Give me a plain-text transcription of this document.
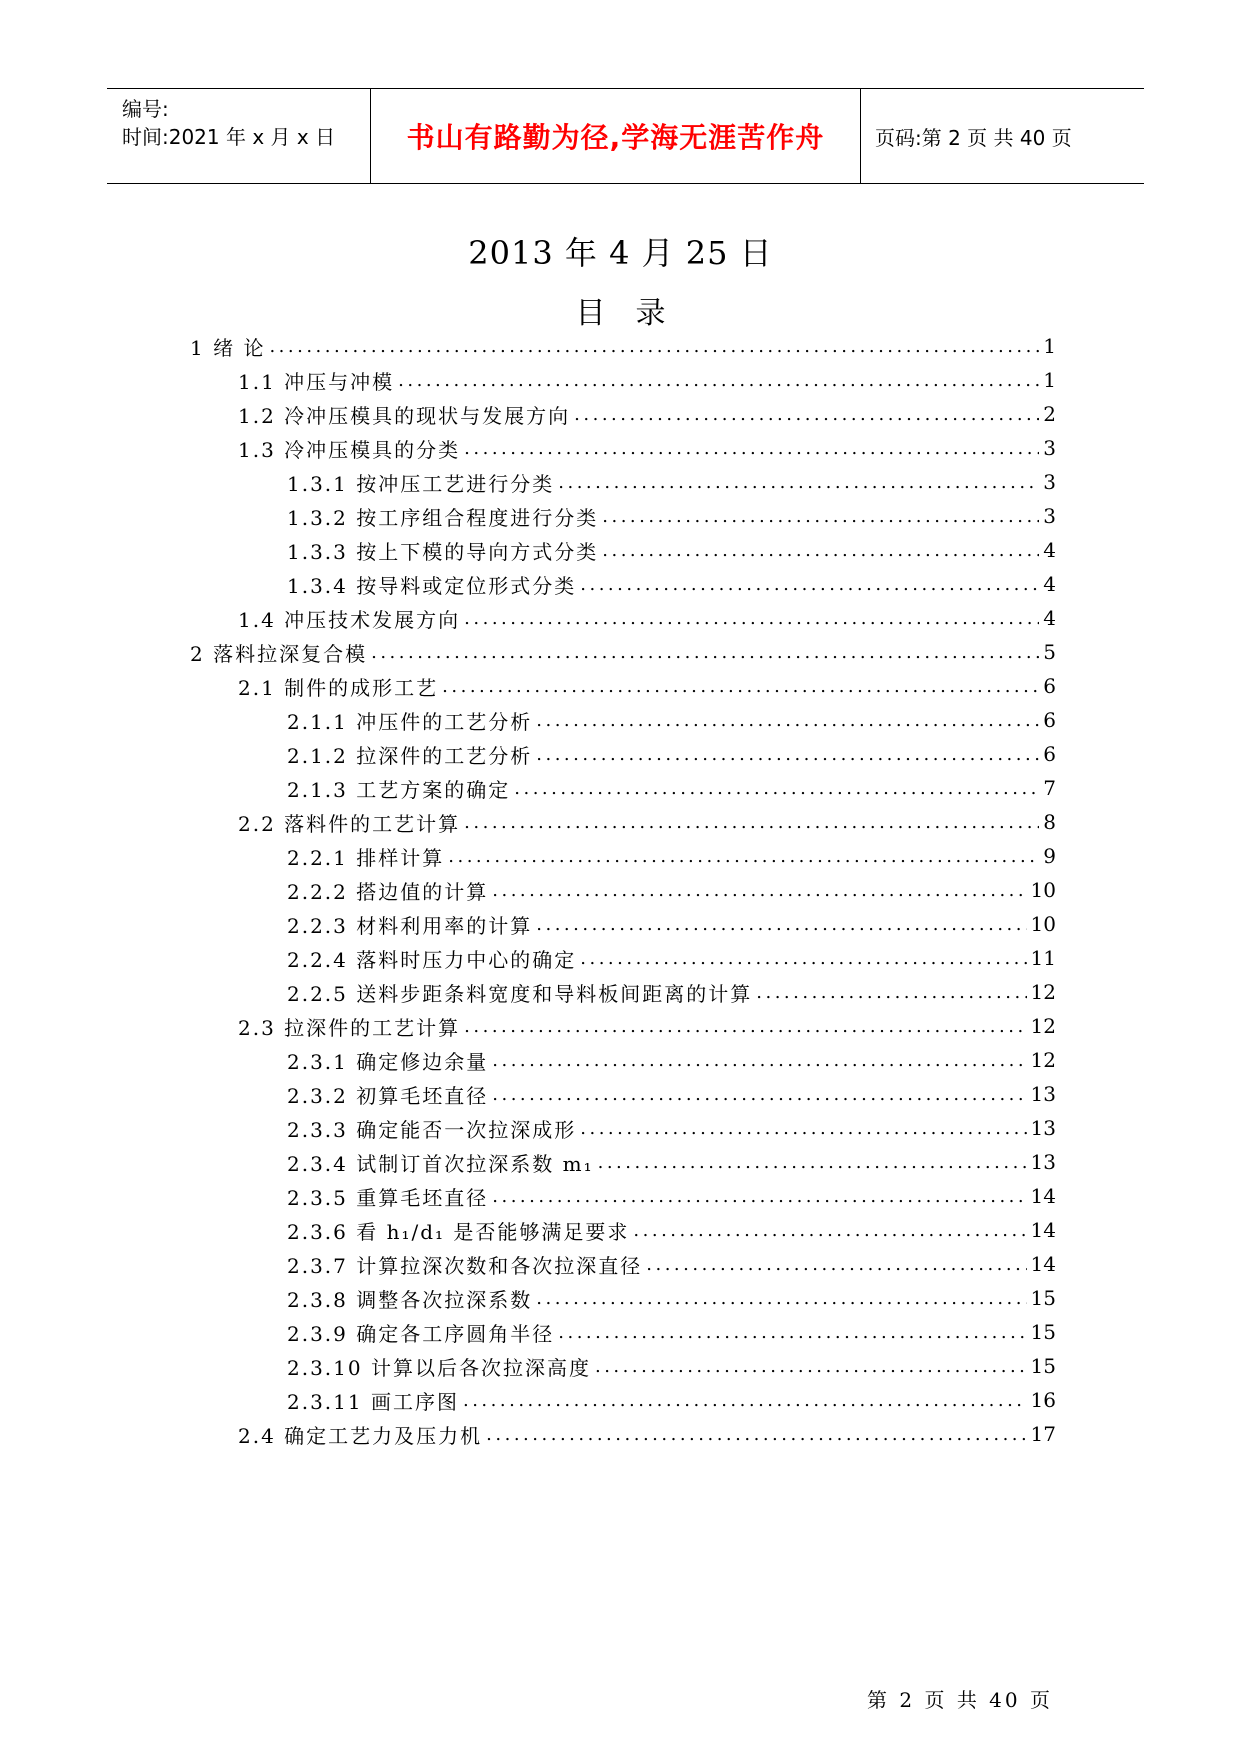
编号:
时间:2021 年 x 月 x 日	书山有路勤为径,学海无涯苦作舟	页码:第 2 页 共 40 页
2013 年 4 月 25 日
目录
1 绪 论 .....	1
1.1 冲压与冲模 .....	1
1.2 冷冲压模具的现状与发展方向 .....	2
1.3 冷冲压模具的分类 .....	3
1.3.1 按冲压工艺进行分类 .....	3
1.3.2 按工序组合程度进行分类 .....	3
1.3.3 按上下模的导向方式分类 .....	4
1.3.4 按导料或定位形式分类 .....	4
1.4 冲压技术发展方向 .....	4
2 落料拉深复合模 .....	5
2.1 制件的成形工艺 .....	6
2.1.1 冲压件的工艺分析 .....	6
2.1.2 拉深件的工艺分析 .....	6
2.1.3 工艺方案的确定 .....	7
2.2 落料件的工艺计算 .....	8
2.2.1 排样计算 .....	9
2.2.2 搭边值的计算 .....	10
2.2.3 材料利用率的计算 .....	10
2.2.4 落料时压力中心的确定 .....	11
2.2.5 送料步距条料宽度和导料板间距离的计算 .....	12
2.3 拉深件的工艺计算 .....	12
2.3.1 确定修边余量 .....	12
2.3.2 初算毛坯直径 .....	13
2.3.3 确定能否一次拉深成形 .....	13
2.3.4 试制订首次拉深系数 m₁ .....	13
2.3.5 重算毛坯直径 .....	14
2.3.6 看 h₁/d₁ 是否能够满足要求 .....	14
2.3.7 计算拉深次数和各次拉深直径 .....	14
2.3.8 调整各次拉深系数 .....	15
2.3.9 确定各工序圆角半径 .....	15
2.3.10 计算以后各次拉深高度 .....	15
2.3.11 画工序图 .....	16
2.4 确定工艺力及压力机 .....	17
第 2 页 共 40 页
